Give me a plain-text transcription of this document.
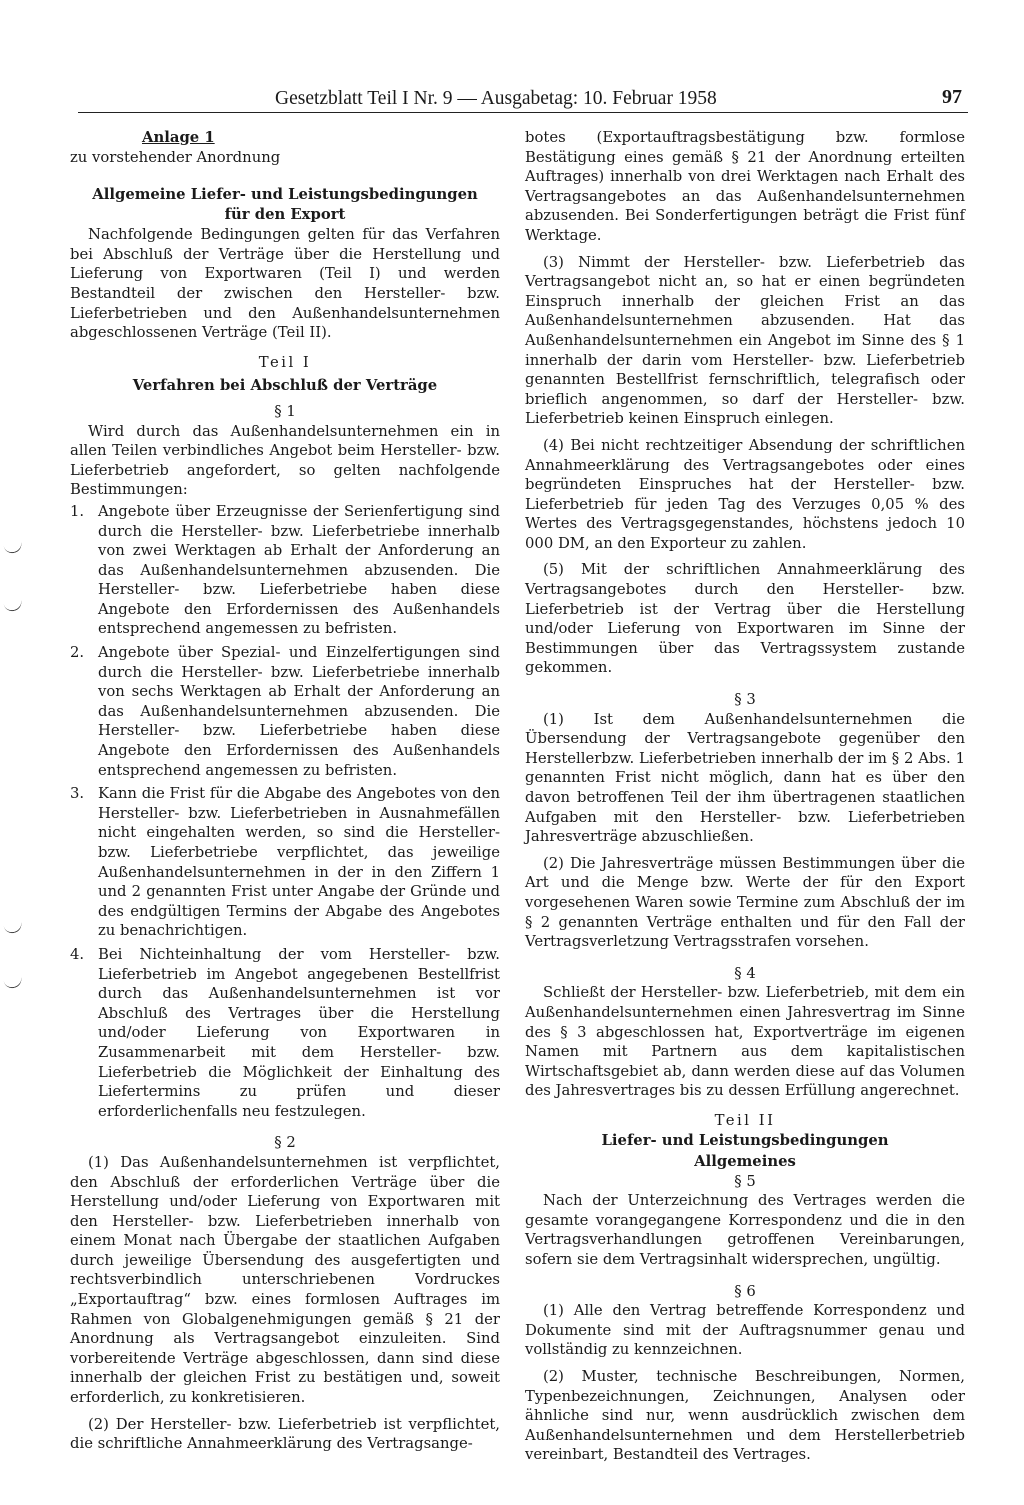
Gesetzblatt Teil I Nr. 9 — Ausgabetag: 10. Februar 1958	97

Anlage 1

zu vorstehender Anordnung

Allgemeine Liefer- und Leistungsbedingungen

für den Export

Nachfolgende Bedingungen gelten für das Verfahren bei Abschluß der Verträge über die Herstellung und Lieferung von Exportwaren (Teil I) und werden Bestandteil der zwischen den Hersteller- bzw. Lieferbetrieben und den Außenhandelsunternehmen abgeschlossenen Verträge (Teil II).

Teil I

Verfahren bei Abschluß der Verträge

§ 1

Wird durch das Außenhandelsunternehmen ein in allen Teilen verbindliches Angebot beim Hersteller- bzw. Lieferbetrieb angefordert, so gelten nachfolgende Bestimmungen:

1. Angebote über Erzeugnisse der Serienfertigung sind durch die Hersteller- bzw. Lieferbetriebe innerhalb von zwei Werktagen ab Erhalt der Anforderung an das Außenhandelsunternehmen abzusenden. Die Hersteller- bzw. Lieferbetriebe haben diese Angebote den Erfordernissen des Außenhandels entsprechend angemessen zu befristen.
2. Angebote über Spezial- und Einzelfertigungen sind durch die Hersteller- bzw. Lieferbetriebe innerhalb von sechs Werktagen ab Erhalt der Anforderung an das Außenhandelsunternehmen abzusenden. Die Hersteller- bzw. Lieferbetriebe haben diese Angebote den Erfordernissen des Außenhandels entsprechend angemessen zu befristen.
3. Kann die Frist für die Abgabe des Angebotes von den Hersteller- bzw. Lieferbetrieben in Ausnahmefällen nicht eingehalten werden, so sind die Hersteller- bzw. Lieferbetriebe verpflichtet, das jeweilige Außenhandelsunternehmen in der in den Ziffern 1 und 2 genannten Frist unter Angabe der Gründe und des endgültigen Termins der Abgabe des Angebotes zu benachrichtigen.
4. Bei Nichteinhaltung der vom Hersteller- bzw. Lieferbetrieb im Angebot angegebenen Bestellfrist durch das Außenhandelsunternehmen ist vor Abschluß des Vertrages über die Herstellung und/oder Lieferung von Exportwaren in Zusammenarbeit mit dem Hersteller- bzw. Lieferbetrieb die Möglichkeit der Einhaltung des Liefertermins zu prüfen und dieser erforderlichenfalls neu festzulegen.

§ 2

(1) Das Außenhandelsunternehmen ist verpflichtet, den Abschluß der erforderlichen Verträge über die Herstellung und/oder Lieferung von Exportwaren mit den Hersteller- bzw. Lieferbetrieben innerhalb von einem Monat nach Übergabe der staatlichen Aufgaben durch jeweilige Übersendung des ausgefertigten und rechtsverbindlich unterschriebenen Vordruckes „Exportauftrag“ bzw. eines formlosen Auftrages im Rahmen von Globalgenehmigungen gemäß § 21 der Anordnung als Vertragsangebot einzuleiten. Sind vorbereitende Verträge abgeschlossen, dann sind diese innerhalb der gleichen Frist zu bestätigen und, soweit erforderlich, zu konkretisieren.

(2) Der Hersteller- bzw. Lieferbetrieb ist verpflichtet, die schriftliche Annahmeerklärung des Vertragsange-

botes (Exportauftragsbestätigung bzw. formlose Bestätigung eines gemäß § 21 der Anordnung erteilten Auftrages) innerhalb von drei Werktagen nach Erhalt des Vertragsangebotes an das Außenhandelsunternehmen abzusenden. Bei Sonderfertigungen beträgt die Frist fünf Werktage.

(3) Nimmt der Hersteller- bzw. Lieferbetrieb das Vertragsangebot nicht an, so hat er einen begründeten Einspruch innerhalb der gleichen Frist an das Außenhandelsunternehmen abzusenden. Hat das Außenhandelsunternehmen ein Angebot im Sinne des § 1 innerhalb der darin vom Hersteller- bzw. Lieferbetrieb genannten Bestellfrist fernschriftlich, telegrafisch oder brieflich angenommen, so darf der Hersteller- bzw. Lieferbetrieb keinen Einspruch einlegen.

(4) Bei nicht rechtzeitiger Absendung der schriftlichen Annahmeerklärung des Vertragsangebotes oder eines begründeten Einspruches hat der Hersteller- bzw. Lieferbetrieb für jeden Tag des Verzuges 0,05 % des Wertes des Vertragsgegenstandes, höchstens jedoch 10 000 DM, an den Exporteur zu zahlen.

(5) Mit der schriftlichen Annahmeerklärung des Vertragsangebotes durch den Hersteller- bzw. Lieferbetrieb ist der Vertrag über die Herstellung und/oder Lieferung von Exportwaren im Sinne der Bestimmungen über das Vertragssystem zustande gekommen.

§ 3

(1) Ist dem Außenhandelsunternehmen die Übersendung der Vertragsangebote gegenüber den Herstellerbzw. Lieferbetrieben innerhalb der im § 2 Abs. 1 genannten Frist nicht möglich, dann hat es über den davon betroffenen Teil der ihm übertragenen staatlichen Aufgaben mit den Hersteller- bzw. Lieferbetrieben Jahresverträge abzuschließen.

(2) Die Jahresverträge müssen Bestimmungen über die Art und die Menge bzw. Werte der für den Export vorgesehenen Waren sowie Termine zum Abschluß der im § 2 genannten Verträge enthalten und für den Fall der Vertragsverletzung Vertragsstrafen vorsehen.

§ 4

Schließt der Hersteller- bzw. Lieferbetrieb, mit dem ein Außenhandelsunternehmen einen Jahresvertrag im Sinne des § 3 abgeschlossen hat, Exportverträge im eigenen Namen mit Partnern aus dem kapitalistischen Wirtschaftsgebiet ab, dann werden diese auf das Volumen des Jahresvertrages bis zu dessen Erfüllung angerechnet.

Teil II

Liefer- und Leistungsbedingungen

Allgemeines

§ 5

Nach der Unterzeichnung des Vertrages werden die gesamte vorangegangene Korrespondenz und die in den Vertragsverhandlungen getroffenen Vereinbarungen, sofern sie dem Vertragsinhalt widersprechen, ungültig.

§ 6

(1) Alle den Vertrag betreffende Korrespondenz und Dokumente sind mit der Auftragsnummer genau und vollständig zu kennzeichnen.

(2) Muster, technische Beschreibungen, Normen, Typenbezeichnungen, Zeichnungen, Analysen oder ähnliche sind nur, wenn ausdrücklich zwischen dem Außenhandelsunternehmen und dem Herstellerbetrieb vereinbart, Bestandteil des Vertrages.
